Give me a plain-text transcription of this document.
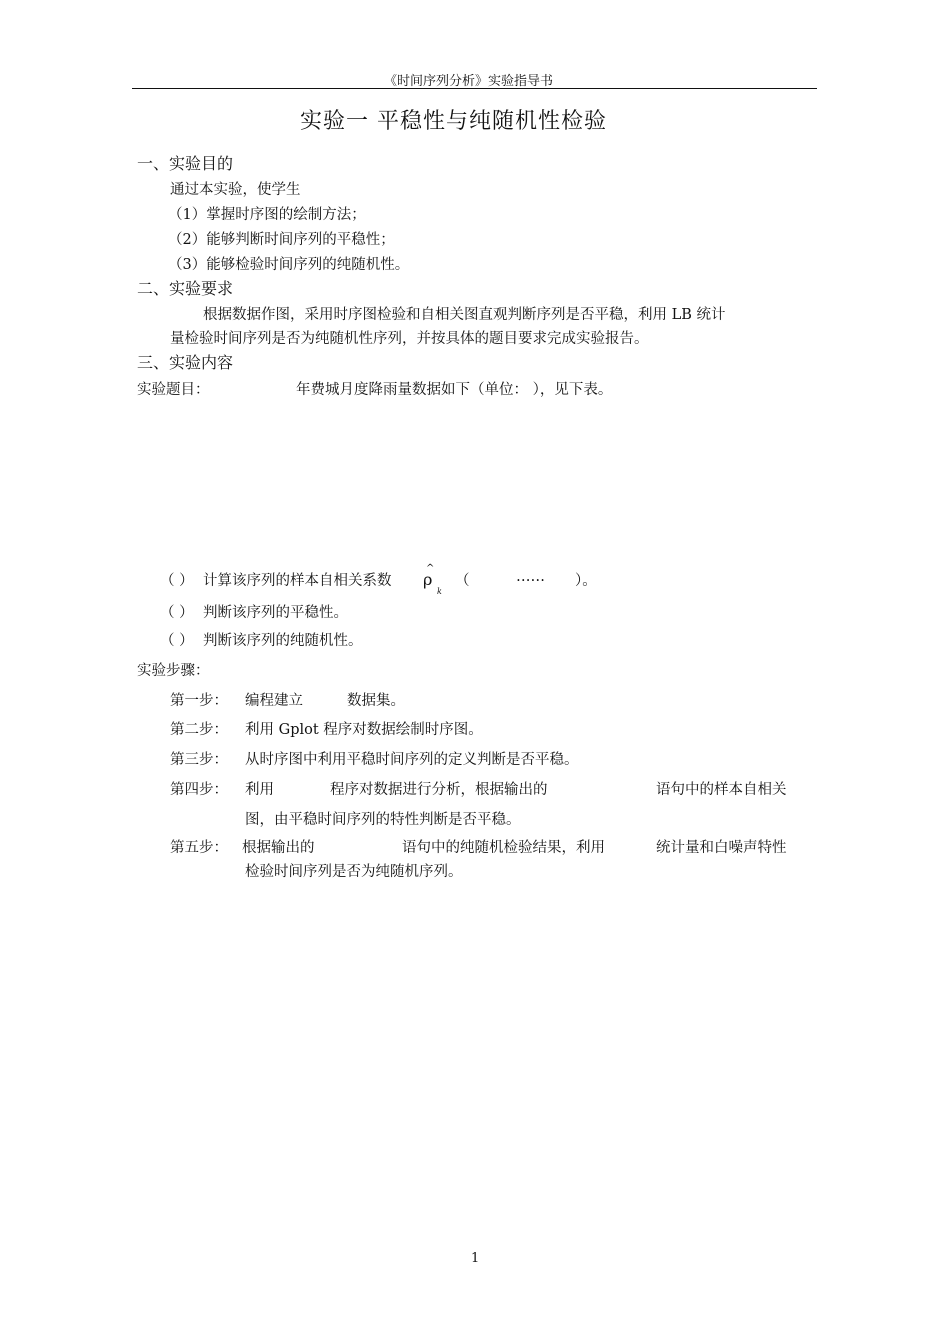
《时间序列分析》实验指导书
实验一 平稳性与纯随机性检验
一、实验目的
通过本实验，使学生
（1）掌握时序图的绘制方法；
（2）能够判断时间序列的平稳性；
（3）能够检验时间序列的纯随机性。
二、实验要求
根据数据作图，采用时序图检验和自相关图直观判断序列是否平稳，利用 LB 统计
量检验时间序列是否为纯随机性序列，并按具体的题目要求完成实验报告。
三、实验内容
实验题目：	年费城月度降雨量数据如下（单位： ），见下表。
（ ） 计算该序列的样本自相关系数
^
ρ
k
（	…… ）。
（ ） 判断该序列的平稳性。
（ ） 判断该序列的纯随机性。
实验步骤：
第一步： 编程建立	数据集。
第二步： 利用 Gplot 程序对数据绘制时序图。
第三步： 从时序图中利用平稳时间序列的定义判断是否平稳。
第四步： 利用	程序对数据进行分析，根据输出的	语句中的样本自相关
图，由平稳时间序列的特性判断是否平稳。
第五步： 根据输出的	语句中的纯随机检验结果，利用	统计量和白噪声特性
检验时间序列是否为纯随机序列。
1
